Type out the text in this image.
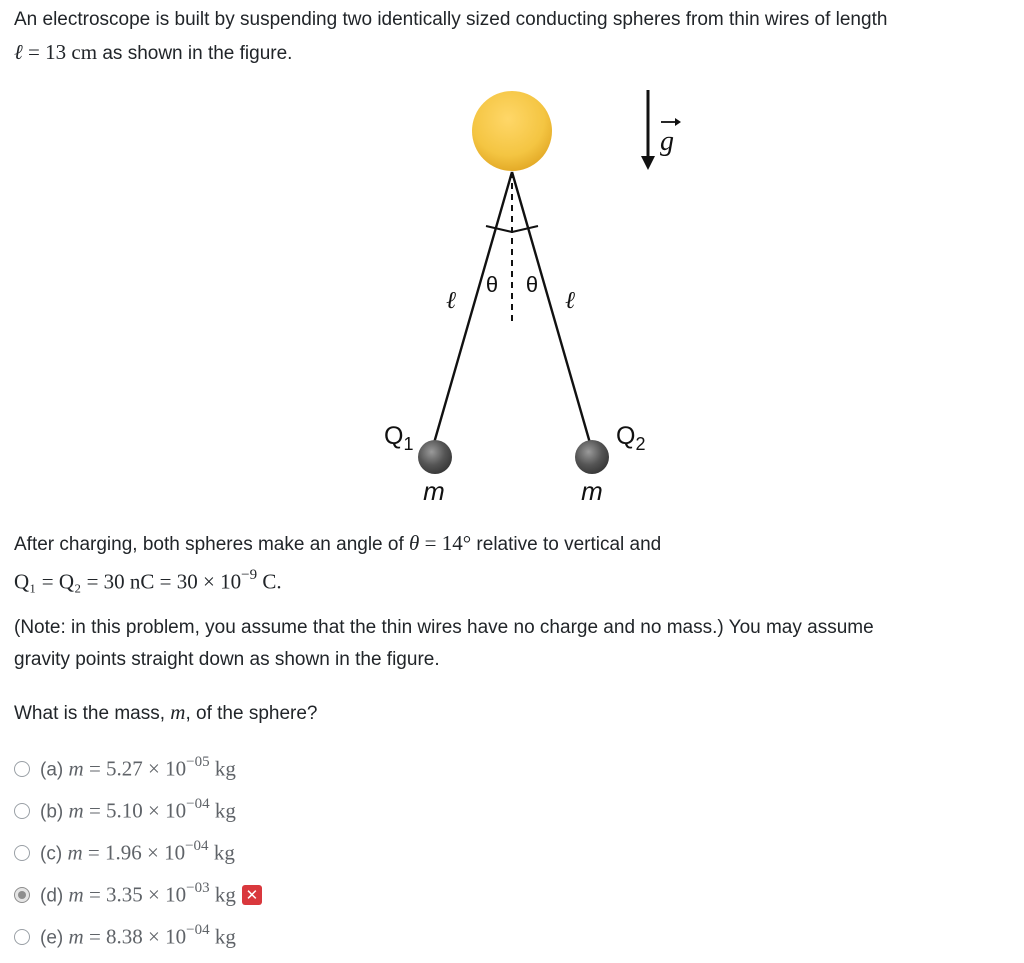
An electroscope is built by suspending two identically sized conducting spheres from thin wires of length
ℓ = 13 cm as shown in the figure.
θ θ
ℓ	ℓ
$Q_1$	$Q_2$
m	m
g
After charging, both spheres make an angle of θ = 14° relative to vertical and
Q₁ = Q₂ = 30 nC = $30 \times 10^{-9}$ C.
(Note: in this problem, you assume that the thin wires have no charge and no mass.) You may assume
gravity points straight down as shown in the figure.
What is the mass, m, of the sphere?
(a) $m = 5.27 \times 10^{-05}$ kg
(b) $m = 5.10 \times 10^{-04}$ kg
(c) $m = 1.96 \times 10^{-04}$ kg
(d) $m = 3.35 \times 10^{-03}$ kg ✕
(e) $m = 8.38 \times 10^{-04}$ kg
